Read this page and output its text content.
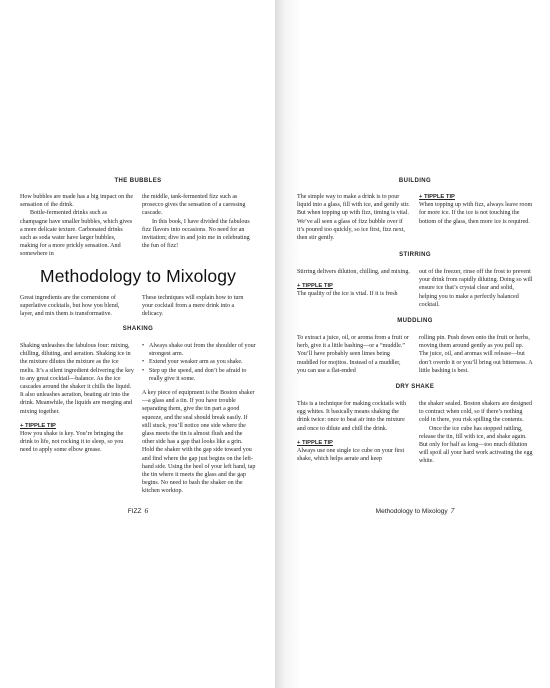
THE BUBBLES

How bubbles are made has a big impact on the sensation of the drink.

Bottle-fermented drinks such as champagne have smaller bubbles, which gives a more delicate texture. Carbonated drinks such as soda water have larger bubbles, making for a more prickly sensation. And somewhere in

the middle, tank-fermented fizz such as prosecco gives the sensation of a caressing cascade.

In this book, I have divided the fabulous fizz flavors into occasions. No need for an invitation; dive in and join me in celebrating the fun of fizz!

Methodology to Mixology

Great ingredients are the cornerstone of superlative cocktails, but how you blend, layer, and mix them is transformative.

These techniques will explain how to turn your cocktail from a mere drink into a delicacy.

SHAKING

Shaking unleashes the fabulous four: mixing, chilling, diluting, and aeration. Shaking ice in the mixture dilutes the mixture as the ice melts. It’s a silent ingredient delivering the key to any great cocktail—balance. As the ice cascades around the shaker it chills the liquid. It also unleashes aeration, beating air into the drink. Meanwhile, the liquids are merging and mixing together.

+ TIPPLE TIP

How you shake is key. You’re bringing the drink to life, not rocking it to sleep, so you need to apply some elbow grease.

• Always shake out from the shoulder of your strongest arm.
• Extend your weaker arm as you shake.
• Step up the speed, and don’t be afraid to really give it some.

A key piece of equipment is the Boston shaker—a glass and a tin. If you have trouble separating them, give the tin part a good squeeze, and the seal should break easily. If still stuck, you’ll notice one side where the glass meets the tin is almost flush and the other side has a gap that looks like a grin. Hold the shaker with the gap side toward you and find where the gap just begins on the left-hand side. Using the heel of your left hand, tap the tin where it meets the glass and the gap begins. No need to bash the shaker on the kitchen worktop.

FIZZ 6
BUILDING

The simple way to make a drink is to pour liquid into a glass, fill with ice, and gently stir. But when topping up with fizz, timing is vital. We’ve all seen a glass of fizz bubble over if it’s poured too quickly, so ice first, fizz next, then stir gently.

+ TIPPLE TIP

When topping up with fizz, always leave room for more ice. If the ice is not touching the bottom of the glass, then more ice is required.

STIRRING

Stirring delivers dilution, chilling, and mixing.

+ TIPPLE TIP

The quality of the ice is vital. If it is fresh

out of the freezer, rinse off the frost to prevent your drink from rapidly diluting. Doing so will ensure ice that’s crystal clear and solid, helping you to make a perfectly balanced cocktail.

MUDDLING

To extract a juice, oil, or aroma from a fruit or herb, give it a little bashing—or a “muddle.” You’ll have probably seen limes being muddled for mojitos. Instead of a muddler, you can use a flat-ended

rolling pin. Push down onto the fruit or herbs, moving them around gently as you pull up. The juice, oil, and aromas will release—but don’t overdo it or you’ll bring out bitterness. A little bashing is best.

DRY SHAKE

This is a technique for making cocktails with egg whites. It basically means shaking the drink twice: once to beat air into the mixture and once to dilute and chill the drink.

+ TIPPLE TIP

Always use one single ice cube on your first shake, which helps aerate and keep

the shaker sealed. Boston shakers are designed to contract when cold, so if there’s nothing cold in there, you risk spilling the contents.

Once the ice cube has stopped rattling, release the tin, fill with ice, and shake again. But only for half as long—too much dilution will spoil all your hard work activating the egg white.

Methodology to Mixology 7
